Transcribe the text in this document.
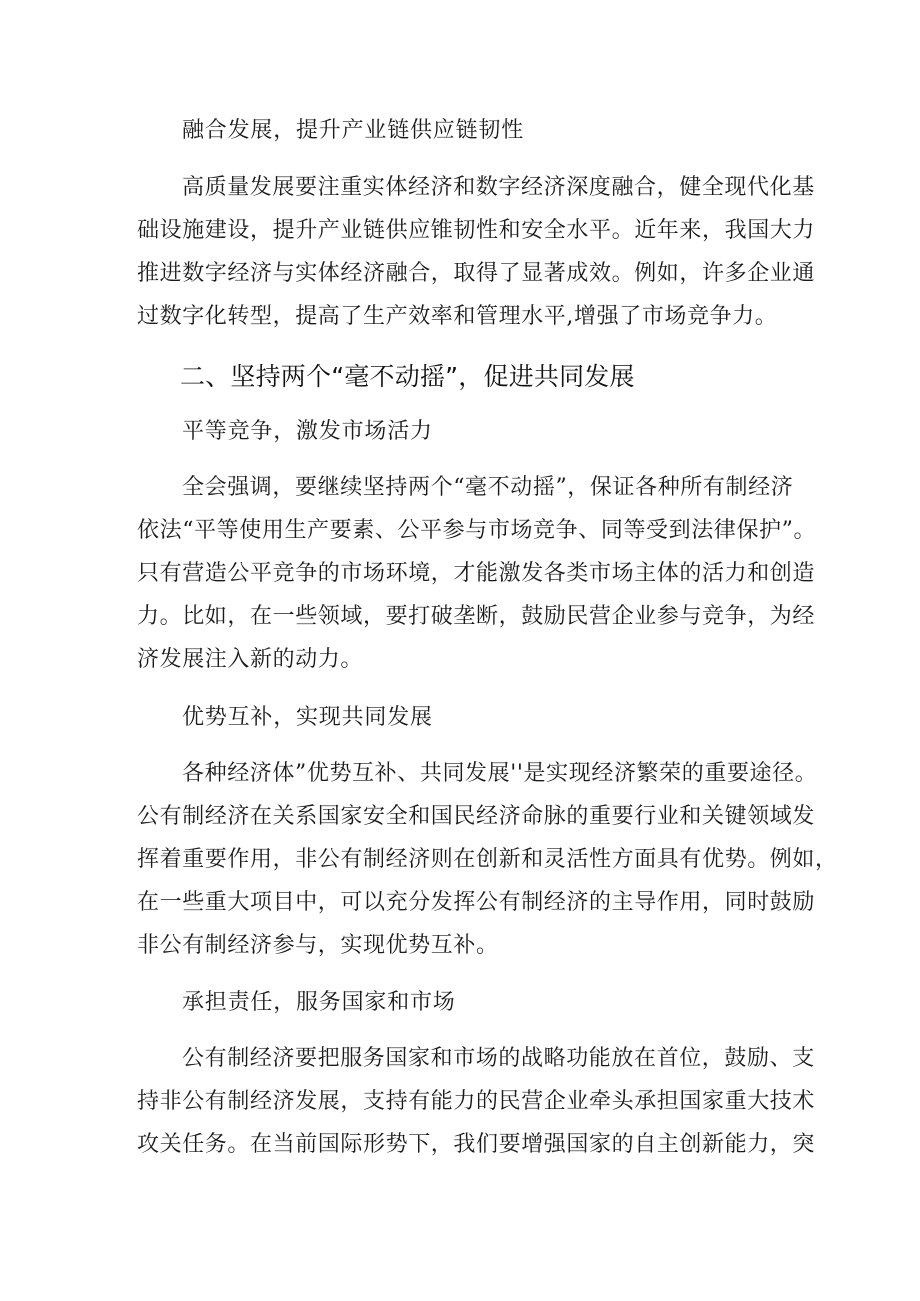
融合发展，提升产业链供应链韧性
高质量发展要注重实体经济和数字经济深度融合，健全现代化基
础设施建设，提升产业链供应锥韧性和安全水平。近年来，我国大力
推进数字经济与实体经济融合，取得了显著成效。例如，许多企业通
过数字化转型，提高了生产效率和管理水平,增强了市场竞争力。
二、坚持两个“毫不动摇”，促进共同发展
平等竞争，激发市场活力
全会强调，要继续坚持两个“毫不动摇”，保证各种所有制经济
依法“平等使用生产要素、公平参与市场竞争、同等受到法律保护”。
只有营造公平竞争的市场环境，才能激发各类市场主体的活力和创造
力。比如，在一些领域，要打破垄断，鼓励民营企业参与竞争，为经
济发展注入新的动力。
优势互补，实现共同发展
各种经济体”优势互补、共同发展''是实现经济繁荣的重要途径。
公有制经济在关系国家安全和国民经济命脉的重要行业和关键领域发
挥着重要作用，非公有制经济则在创新和灵活性方面具有优势。例如，
在一些重大项目中，可以充分发挥公有制经济的主导作用，同时鼓励
非公有制经济参与，实现优势互补。
承担责任，服务国家和市场
公有制经济要把服务国家和市场的战略功能放在首位，鼓励、支
持非公有制经济发展，支持有能力的民营企业牵头承担国家重大技术
攻关任务。在当前国际形势下，我们要增强国家的自主创新能力，突
